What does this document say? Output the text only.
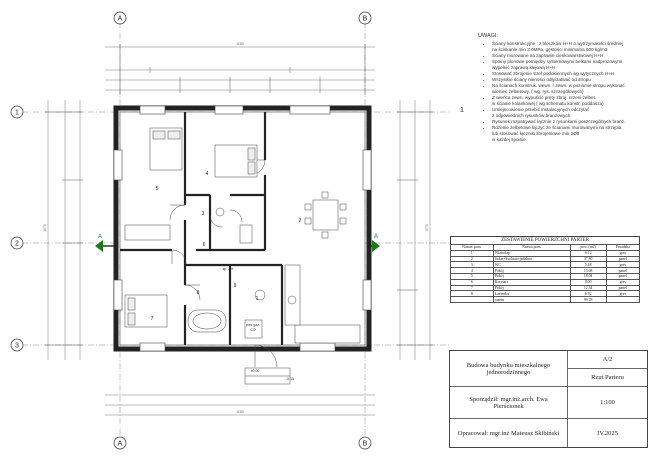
A	B
A	B
1
2
3
1180
1180
1070	1070
1
2
3
4
5
6
7
8
9
sp. 2%
±0,00
-0,15
piec gaz.
CO
A	A
1
UWAGI:
• Ściany konstrukcyjne : z bloczków H+H o wytrzymałości średniej
na ściskanie min 3.0MPa, gęstości minimalna 600 kg/m3
• Ściany murowane na zaprawie cienkowarstwowej H+H
• Spoiny pionowe pomiędzy systemowymi belkami nadprożowymi
wypełnić zaprawą klejową H+H
• Stosować zbrojenie stref podokiennych wg wytycznych H+H
• Wszystkie ściany nieności odły/zatwać od stropu
• Na ścianach konstruk. wewn. / zewn. w poziomie stropu wykonać
wieniec żelbetowy. ( wg. rys. szczegółowych)
• Z wieńca zewn. wypuścić pręty zbroj. nrzeni żelbet.
w ścianie kolankowej ( wg schematu konstr. poddasza)
• Umiejscowienie przebić instalacyjnych odczytać
z odpowiednich rysunków branżowych.
• Rysunek rozpatrywać łącznie z rysunkami poszczególnych branż.
• Rdzenie żelbetowe łączyć ze ścianami murowanymi na strzępia
lub stosować łączniki zbrojeniowe min 2Ø8
w każdej spoinie.
ZESTAWIENIE POWIERZCHNI PARTER
Numer pom.	Nazwa pom.	pow. (m2)	Posadzka
1	Wiatrołap	6.12	gres
2	Salon+kuchnia+jadalnia	37.80	panel
3	WC	5.48	gres
4	Pokój	13.08	panel
5	Pokój	18.04	panel
6	Korytarz	8.00	gres
7	Pokój	12.34	panel
8	Łazienka	6.92	gres
	razem	99.78	
Budowa budynku mieszkalnego jednorodzinnego
A/2
Rzut Parteru
Sporządził: mgr.inż.arch. Ewa Pierścionek	1:100
Opracował: mgr.inż Mateusz Skibiński	IV.2025
